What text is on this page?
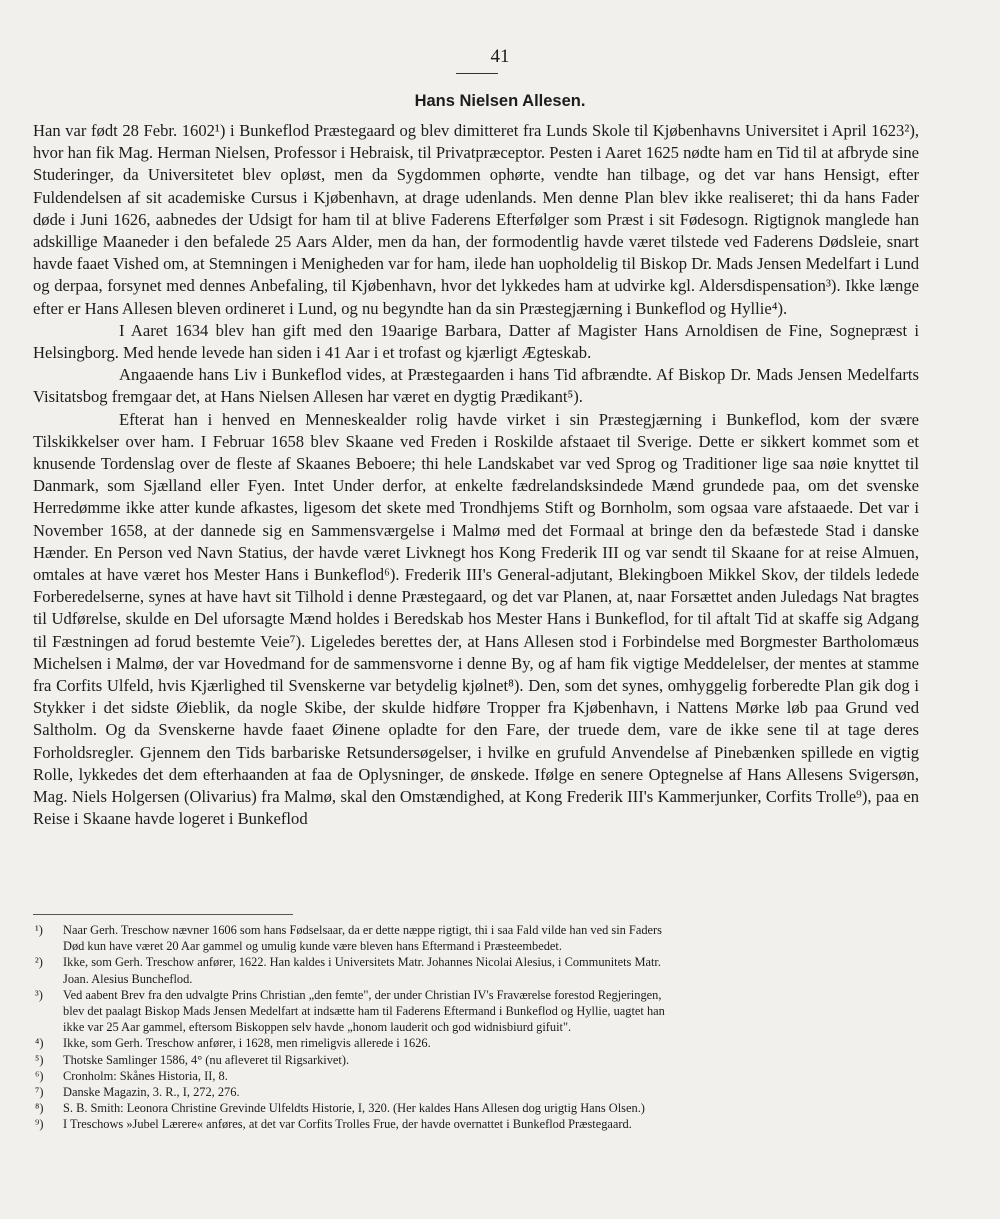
41
Hans Nielsen Allesen.

Han var født 28 Febr. 1602¹) i Bunkeflod Præstegaard og blev dimitteret fra Lunds Skole til Kjøbenhavns Universitet i April 1623²), hvor han fik Mag. Herman Nielsen, Professor i Hebraisk, til Privatpræceptor. Pesten i Aaret 1625 nødte ham en Tid til at afbryde sine Studeringer, da Universitetet blev opløst, men da Sygdommen ophørte, vendte han tilbage, og det var hans Hensigt, efter Fuldendelsen af sit academiske Cursus i Kjøbenhavn, at drage udenlands. Men denne Plan blev ikke realiseret; thi da hans Fader døde i Juni 1626, aabnedes der Udsigt for ham til at blive Faderens Efterfølger som Præst i sit Fødesogn. Rigtignok manglede han adskillige Maaneder i den befalede 25 Aars Alder, men da han, der formodentlig havde været tilstede ved Faderens Dødsleie, snart havde faaet Vished om, at Stemningen i Menigheden var for ham, ilede han uopholdelig til Biskop Dr. Mads Jensen Medelfart i Lund og derpaa, forsynet med dennes Anbefaling, til Kjøbenhavn, hvor det lykkedes ham at udvirke kgl. Aldersdispensation³). Ikke længe efter er Hans Allesen bleven ordineret i Lund, og nu begyndte han da sin Præstegjærning i Bunkeflod og Hyllie⁴).

I Aaret 1634 blev han gift med den 19aarige Barbara, Datter af Magister Hans Arnoldisen de Fine, Sognepræst i Helsingborg. Med hende levede han siden i 41 Aar i et trofast og kjærligt Ægteskab.

Angaaende hans Liv i Bunkeflod vides, at Præstegaarden i hans Tid afbrændte. Af Biskop Dr. Mads Jensen Medelfarts Visitatsbog fremgaar det, at Hans Nielsen Allesen har været en dygtig Prædikant⁵).

Efterat han i henved en Menneskealder rolig havde virket i sin Præstegjærning i Bunkeflod, kom der svære Tilskikkelser over ham. I Februar 1658 blev Skaane ved Freden i Roskilde afstaaet til Sverige. Dette er sikkert kommet som et knusende Tordenslag over de fleste af Skaanes Beboere; thi hele Landskabet var ved Sprog og Traditioner lige saa nøie knyttet til Danmark, som Sjælland eller Fyen. Intet Under derfor, at enkelte fædrelandsksindede Mænd grundede paa, om det svenske Herredømme ikke atter kunde afkastes, ligesom det skete med Trondhjems Stift og Bornholm, som ogsaa vare afstaaede. Det var i November 1658, at der dannede sig en Sammensværgelse i Malmø med det Formaal at bringe den da befæstede Stad i danske Hænder. En Person ved Navn Statius, der havde været Livknegt hos Kong Frederik III og var sendt til Skaane for at reise Almuen, omtales at have været hos Mester Hans i Bunkeflod⁶). Frederik III's General-adjutant, Blekingboen Mikkel Skov, der tildels ledede Forberedelserne, synes at have havt sit Tilhold i denne Præstegaard, og det var Planen, at, naar Forsættet anden Juledags Nat bragtes til Udførelse, skulde en Del uforsagte Mænd holdes i Beredskab hos Mester Hans i Bunkeflod, for til aftalt Tid at skaffe sig Adgang til Fæstningen ad forud bestemte Veie⁷). Ligeledes berettes der, at Hans Allesen stod i Forbindelse med Borgmester Bartholomæus Michelsen i Malmø, der var Hovedmand for de sammensvorne i denne By, og af ham fik vigtige Meddelelser, der mentes at stamme fra Corfits Ulfeld, hvis Kjærlighed til Svenskerne var betydelig kjølnet⁸). Den, som det synes, omhyggelig forberedte Plan gik dog i Stykker i det sidste Øieblik, da nogle Skibe, der skulde hidføre Tropper fra Kjøbenhavn, i Nattens Mørke løb paa Grund ved Saltholm. Og da Svenskerne havde faaet Øinene opladte for den Fare, der truede dem, vare de ikke sene til at tage deres Forholdsregler. Gjennem den Tids barbariske Retsundersøgelser, i hvilke en grufuld Anvendelse af Pinebænken spillede en vigtig Rolle, lykkedes det dem efterhaanden at faa de Oplysninger, de ønskede. Ifølge en senere Optegnelse af Hans Allesens Svigersøn, Mag. Niels Holgersen (Olivarius) fra Malmø, skal den Omstændighed, at Kong Frederik III's Kammerjunker, Corfits Trolle⁹), paa en Reise i Skaane havde logeret i Bunkeflod

¹) Naar Gerh. Treschow nævner 1606 som hans Fødselsaar, da er dette næppe rigtigt, thi i saa Fald vilde han ved sin Faders
Død kun have været 20 Aar gammel og umulig kunde være bleven hans Eftermand i Præsteembedet.
²) Ikke, som Gerh. Treschow anfører, 1622. Han kaldes i Universitets Matr. Johannes Nicolai Alesius, i Communitets Matr.
Joan. Alesius Buncheflod.
³) Ved aabent Brev fra den udvalgte Prins Christian „den femte", der under Christian IV's Fraværelse forestod Regjeringen,
blev det paalagt Biskop Mads Jensen Medelfart at indsætte ham til Faderens Eftermand i Bunkeflod og Hyllie, uagtet han
ikke var 25 Aar gammel, eftersom Biskoppen selv havde „honom lauderit och god widnisbiurd gifuit".
⁴) Ikke, som Gerh. Treschow anfører, i 1628, men rimeligvis allerede i 1626.
⁵) Thotske Samlinger 1586, 4° (nu afleveret til Rigsarkivet).
⁶) Cronholm: Skånes Historia, II, 8.
⁷) Danske Magazin, 3. R., I, 272, 276.
⁸) S. B. Smith: Leonora Christine Grevinde Ulfeldts Historie, I, 320. (Her kaldes Hans Allesen dog urigtig Hans Olsen.)
⁹) I Treschows »Jubel Lærere« anføres, at det var Corfits Trolles Frue, der havde overnattet i Bunkeflod Præstegaard.
